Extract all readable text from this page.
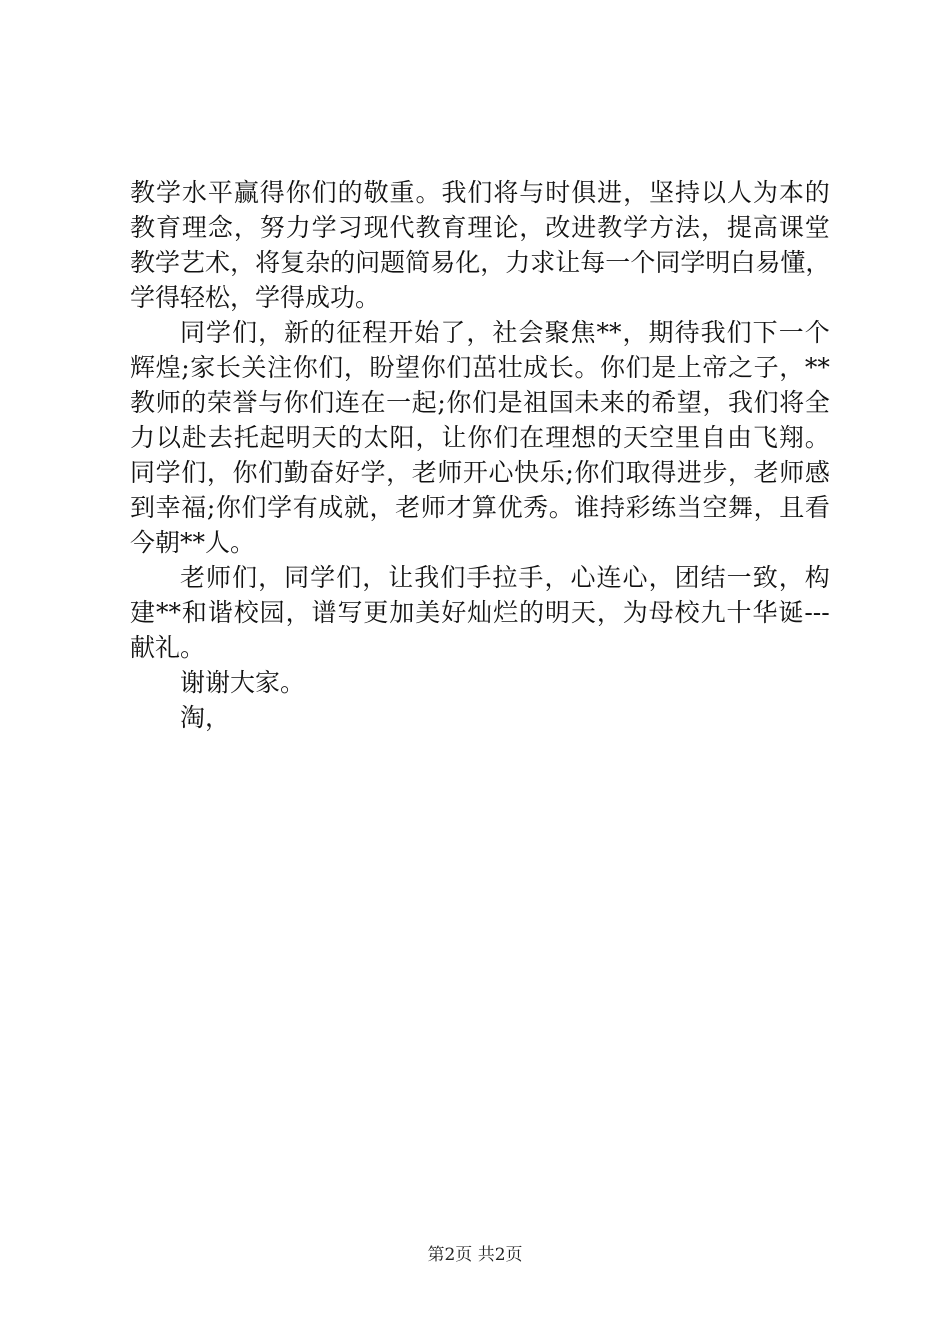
教 学 水 平 赢 得 你 们 的 敬 重 。 我 们 将 与 时 俱 进 ， 坚 持 以 人 为 本 的
教 育 理 念 ， 努 力 学 习 现 代 教 育 理 论 ， 改 进 教 学 方 法 ， 提 高 课 堂
教 学 艺 术 ， 将 复 杂 的 问 题 简 易 化 ， 力 求 让 每 一 个 同 学 明 白 易 懂 ，
学得轻松，学得成功。
同 学 们 ， 新 的 征 程 开 始 了 ， 社 会 聚 焦 ** ， 期 待 我 们 下 一 个
辉 煌 ; 家 长 关 注 你 们 ， 盼 望 你 们 茁 壮 成 长 。 你 们 是 上 帝 之 子 ， **
教 师 的 荣 誉 与 你 们 连 在 一 起 ; 你 们 是 祖 国 未 来 的 希 望 ， 我 们 将 全
力 以 赴 去 托 起 明 天 的 太 阳 ， 让 你 们 在 理 想 的 天 空 里 自 由 飞 翔 。
同 学 们 ， 你 们 勤 奋 好 学 ， 老 师 开 心 快 乐 ; 你 们 取 得 进 步 ， 老 师 感
到 幸 福 ; 你 们 学 有 成 就 ， 老 师 才 算 优 秀 。 谁 持 彩 练 当 空 舞 ， 且 看
今朝**人。
老 师 们 ， 同 学 们 ， 让 我 们 手 拉 手 ， 心 连 心 ， 团 结 一 致 ， 构
建 ** 和 谐 校 园 ， 谱 写 更 加 美 好 灿 烂 的 明 天 ， 为 母 校 九 十 华 诞 ---
献礼。
谢谢大家。
淘，
第2页 共2页
